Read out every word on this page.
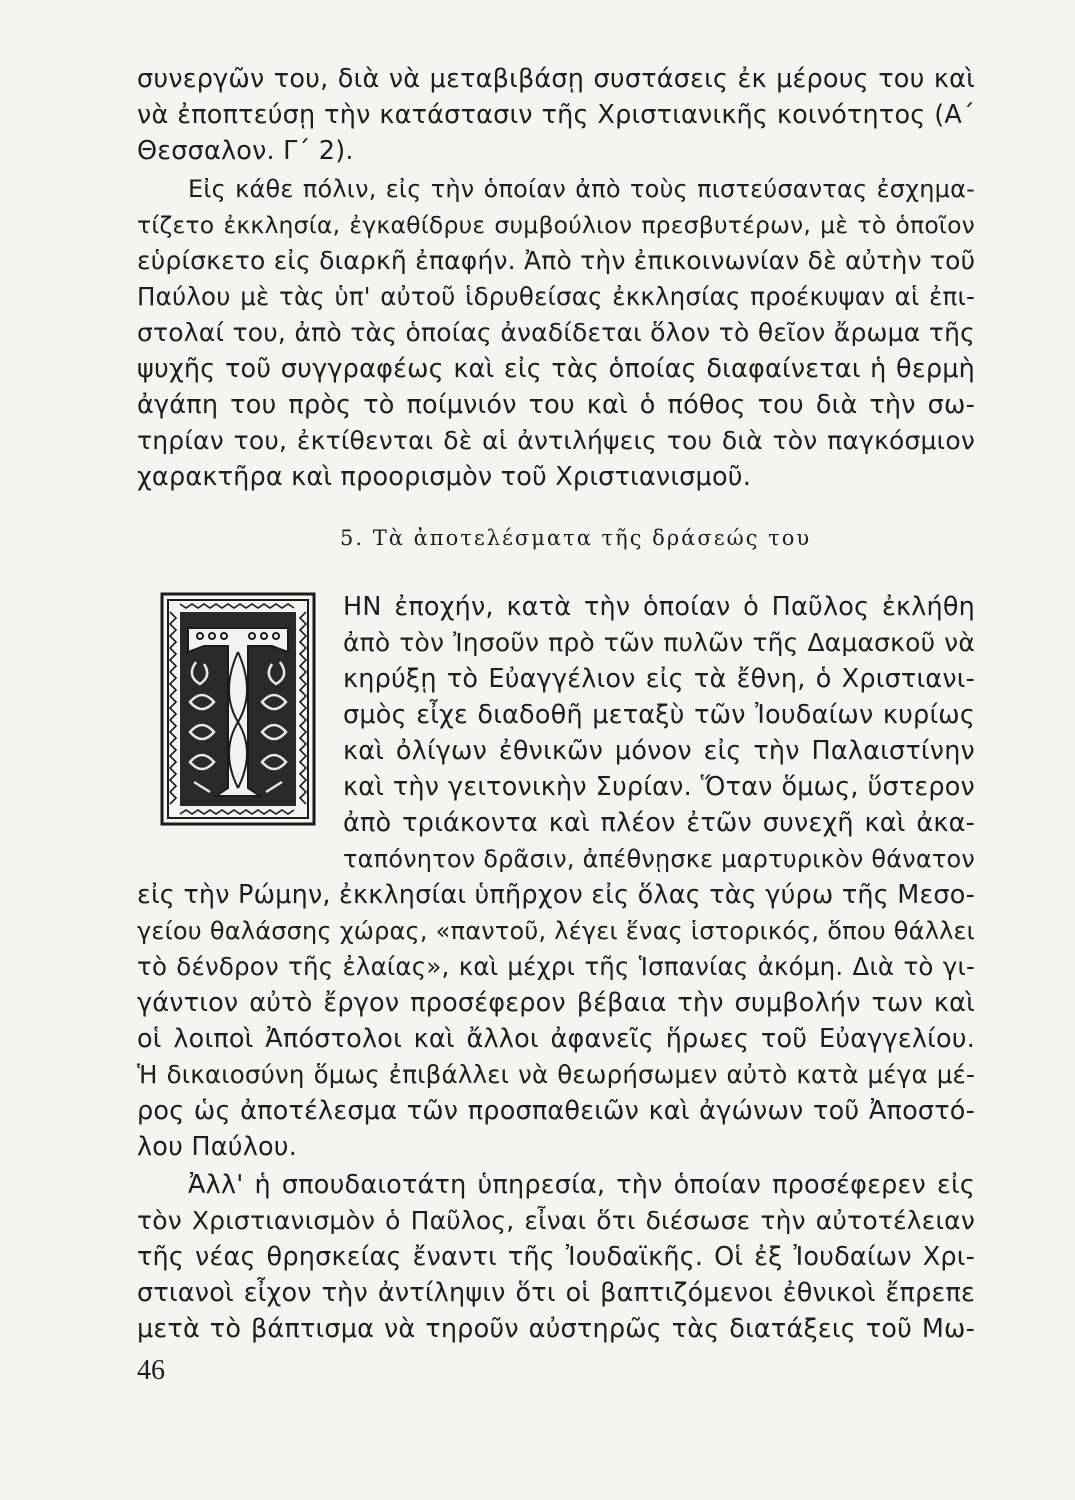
συνεργῶν του, διὰ νὰ μεταβιβάσῃ συστάσεις ἐκ μέρους του καὶ
νὰ ἐποπτεύσῃ τὴν κατάστασιν τῆς Χριστιανικῆς κοινότητος (Α΄
Θεσσαλον. Γ΄ 2).
Εἰς κάθε πόλιν, εἰς τὴν ὁποίαν ἀπὸ τοὺς πιστεύσαντας ἐσχημα-
τίζετο ἐκκλησία, ἐγκαθίδρυε συμβούλιον πρεσβυτέρων, μὲ τὸ ὁποῖον
εὑρίσκετο εἰς διαρκῆ ἐπαφήν. Ἀπὸ τὴν ἐπικοινωνίαν δὲ αὐτὴν τοῦ
Παύλου μὲ τὰς ὑπ' αὐτοῦ ἱδρυθείσας ἐκκλησίας προέκυψαν αἱ ἐπι-
στολαί του, ἀπὸ τὰς ὁποίας ἀναδίδεται ὅλον τὸ θεῖον ἄρωμα τῆς
ψυχῆς τοῦ συγγραφέως καὶ εἰς τὰς ὁποίας διαφαίνεται ἡ θερμὴ
ἀγάπη του πρὸς τὸ ποίμνιόν του καὶ ὁ πόθος του διὰ τὴν σω-
τηρίαν του, ἐκτίθενται δὲ αἱ ἀντιλήψεις του διὰ τὸν παγκόσμιον
χαρακτῆρα καὶ προορισμὸν τοῦ Χριστιανισμοῦ.
5. Τὰ ἀποτελέσματα τῆς δράσεώς του
ΗΝ ἐποχήν, κατὰ τὴν ὁποίαν ὁ Παῦλος ἐκλήθη
ἀπὸ τὸν Ἰησοῦν πρὸ τῶν πυλῶν τῆς Δαμασκοῦ νὰ
κηρύξῃ τὸ Εὐαγγέλιον εἰς τὰ ἔθνη, ὁ Χριστιανι-
σμὸς εἶχε διαδοθῆ μεταξὺ τῶν Ἰουδαίων κυρίως
καὶ ὀλίγων ἐθνικῶν μόνον εἰς τὴν Παλαιστίνην
καὶ τὴν γειτονικὴν Συρίαν. Ὅταν ὅμως, ὕστερον
ἀπὸ τριάκοντα καὶ πλέον ἐτῶν συνεχῆ καὶ ἀκα-
ταπόνητον δρᾶσιν, ἀπέθνῃσκε μαρτυρικὸν θάνατον
εἰς τὴν Ρώμην, ἐκκλησίαι ὑπῆρχον εἰς ὅλας τὰς γύρω τῆς Μεσο-
γείου θαλάσσης χώρας, «παντοῦ, λέγει ἕνας ἱστορικός, ὅπου θάλλει
τὸ δένδρον τῆς ἐλαίας», καὶ μέχρι τῆς Ἱσπανίας ἀκόμη. Διὰ τὸ γι-
γάντιον αὐτὸ ἔργον προσέφερον βέβαια τὴν συμβολήν των καὶ
οἱ λοιποὶ Ἀπόστολοι καὶ ἄλλοι ἀφανεῖς ἥρωες τοῦ Εὐαγγελίου.
Ἡ δικαιοσύνη ὅμως ἐπιβάλλει νὰ θεωρήσωμεν αὐτὸ κατὰ μέγα μέ-
ρος ὡς ἀποτέλεσμα τῶν προσπαθειῶν καὶ ἀγώνων τοῦ Ἀποστό-
λου Παύλου.
Ἀλλ' ἡ σπουδαιοτάτη ὑπηρεσία, τὴν ὁποίαν προσέφερεν εἰς
τὸν Χριστιανισμὸν ὁ Παῦλος, εἶναι ὅτι διέσωσε τὴν αὐτοτέλειαν
τῆς νέας θρησκείας ἔναντι τῆς Ἰουδαϊκῆς. Οἱ ἐξ Ἰουδαίων Χρι-
στιανοὶ εἶχον τὴν ἀντίληψιν ὅτι οἱ βαπτιζόμενοι ἐθνικοὶ ἔπρεπε
μετὰ τὸ βάπτισμα νὰ τηροῦν αὐστηρῶς τὰς διατάξεις τοῦ Μω-
46
